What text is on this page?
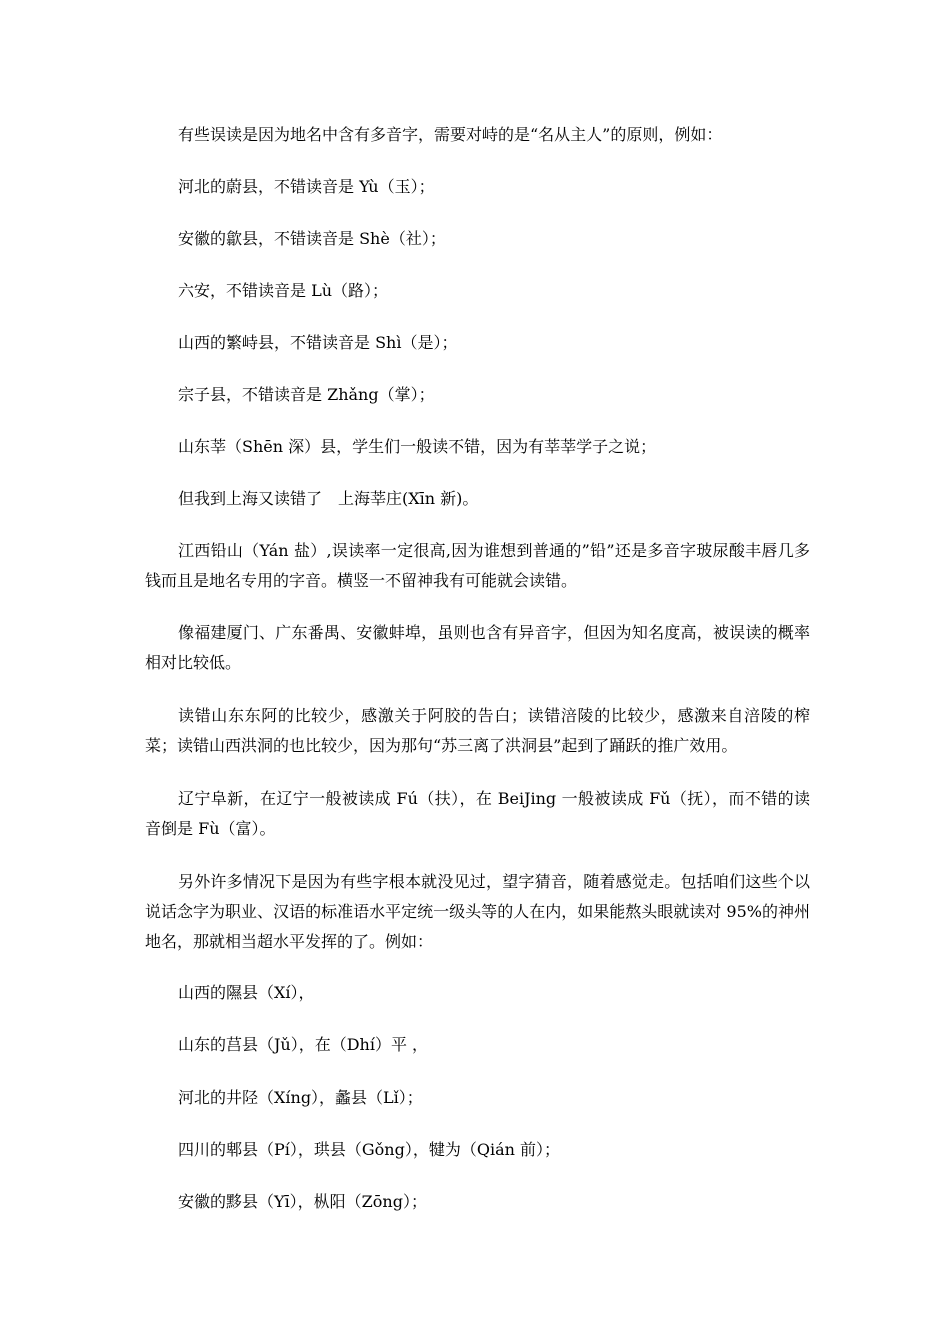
有些误读是因为地名中含有多音字，需要对峙的是“名从主人”的原则，例如：

河北的蔚县，不错读音是 Yù（玉）；

安徽的歙县，不错读音是 Shè（社）；

六安，不错读音是 Lù（路）；

山西的繁峙县，不错读音是 Shì（是）；

宗子县，不错读音是 Zhǎng（掌）；

山东莘（Shēn 深）县，学生们一般读不错，因为有莘莘学子之说；

但我到上海又读错了　上海莘庄(Xīn 新)。

江西铅山（Yán 盐）,误读率一定很高,因为谁想到普通的”铅”还是多音字玻尿酸丰唇几多钱而且是地名专用的字音。横竖一不留神我有可能就会读错。

像福建厦门、广东番禺、安徽蚌埠，虽则也含有异音字，但因为知名度高，被误读的概率相对比较低。

读错山东东阿的比较少，感激关于阿胶的告白；读错涪陵的比较少，感激来自涪陵的榨菜；读错山西洪洞的也比较少，因为那句“苏三离了洪洞县”起到了踊跃的推广效用。

辽宁阜新，在辽宁一般被读成 Fú（扶），在 BeiJing 一般被读成 Fǔ（抚），而不错的读音倒是 Fù（富）。

另外许多情况下是因为有些字根本就没见过，望字猜音，随着感觉走。包括咱们这些个以说话念字为职业、汉语的标准语水平定统一级头等的人在内，如果能熬头眼就读对 95%的神州地名，那就相当超水平发挥的了。例如：

山西的隰县（Xí），

山东的莒县（Jǔ），在（Dhí）平 ，

河北的井陉（Xíng），蠡县（Lǐ）；

四川的郫县（Pí），珙县（Gǒng），犍为（Qián 前）；

安徽的黟县（Yī），枞阳（Zōng）；
